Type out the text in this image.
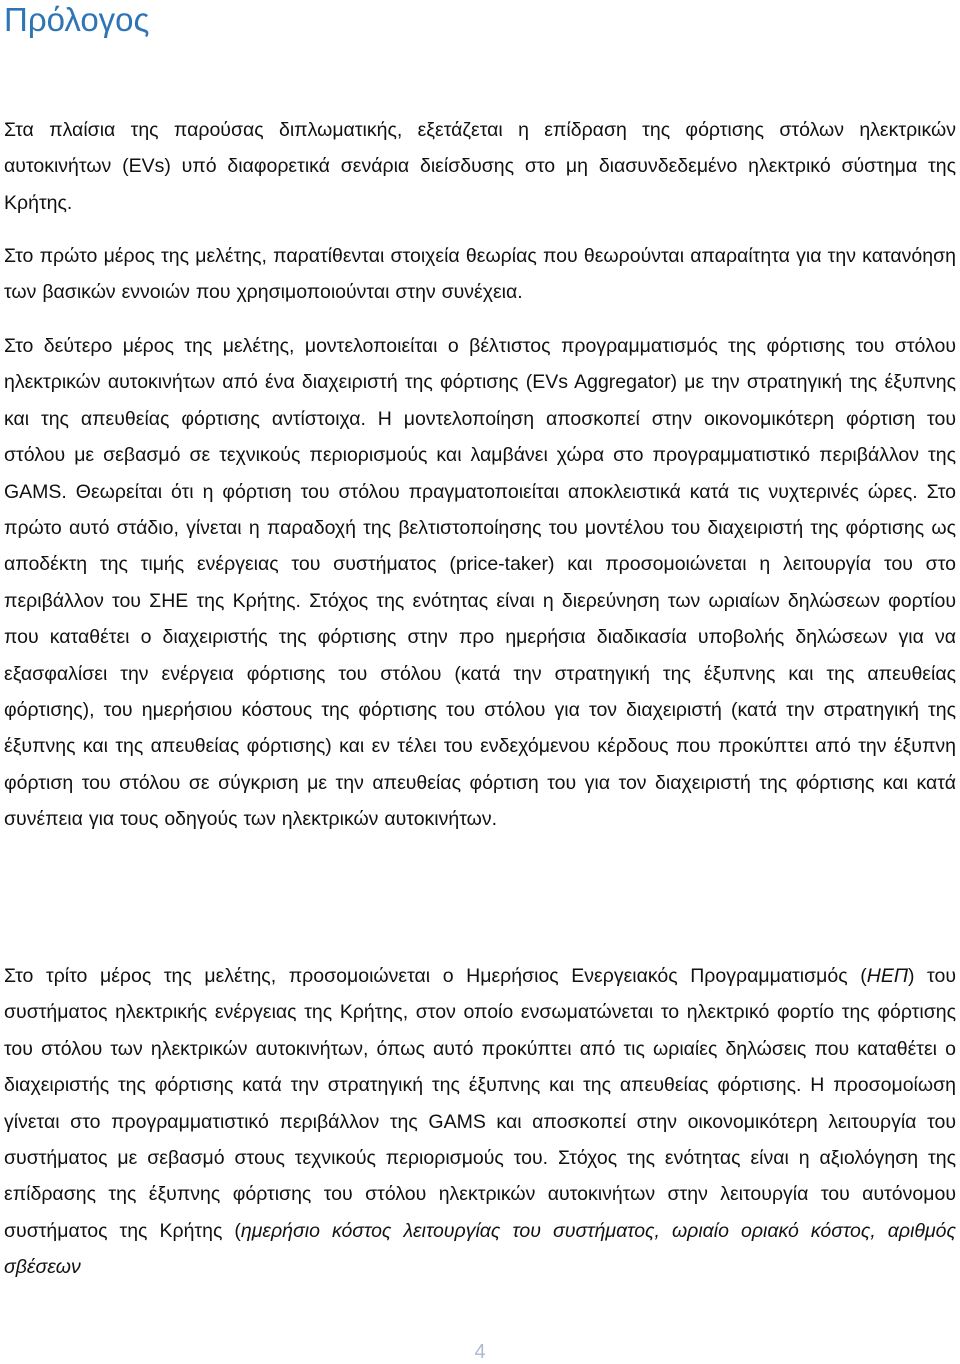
Πρόλογος

Στα πλαίσια της παρούσας διπλωματικής, εξετάζεται η επίδραση της φόρτισης στόλων ηλεκτρικών αυτοκινήτων (EVs) υπό διαφορετικά σενάρια διείσδυσης στο μη διασυνδεδεμένο ηλεκτρικό σύστημα της Κρήτης.

Στο πρώτο μέρος της μελέτης, παρατίθενται στοιχεία θεωρίας που θεωρούνται απαραίτητα για την κατανόηση των βασικών εννοιών που χρησιμοποιούνται στην συνέχεια.

Στο δεύτερο μέρος της μελέτης, μοντελοποιείται ο βέλτιστος προγραμματισμός της φόρτισης του στόλου ηλεκτρικών αυτοκινήτων από ένα διαχειριστή της φόρτισης (EVs Aggregator) με την στρατηγική της έξυπνης και της απευθείας φόρτισης αντίστοιχα. Η μοντελοποίηση αποσκοπεί στην οικονομικότερη φόρτιση του στόλου με σεβασμό σε τεχνικούς περιορισμούς και λαμβάνει χώρα στο προγραμματιστικό περιβάλλον της GAMS. Θεωρείται ότι η φόρτιση του στόλου πραγματοποιείται αποκλειστικά κατά τις νυχτερινές ώρες. Στο πρώτο αυτό στάδιο, γίνεται η παραδοχή της βελτιστοποίησης του μοντέλου του διαχειριστή της φόρτισης ως αποδέκτη της τιμής ενέργειας του συστήματος (price-taker) και προσομοιώνεται η λειτουργία του στο περιβάλλον του ΣΗΕ της Κρήτης. Στόχος της ενότητας είναι η διερεύνηση των ωριαίων δηλώσεων φορτίου που καταθέτει ο διαχειριστής της φόρτισης στην προ ημερήσια διαδικασία υποβολής δηλώσεων για να εξασφαλίσει την ενέργεια φόρτισης του στόλου (κατά την στρατηγική της έξυπνης και της απευθείας φόρτισης), του ημερήσιου κόστους της φόρτισης του στόλου για τον διαχειριστή (κατά την στρατηγική της έξυπνης και της απευθείας φόρτισης) και εν τέλει του ενδεχόμενου κέρδους που προκύπτει από την έξυπνη φόρτιση του στόλου σε σύγκριση με την απευθείας φόρτιση του για τον διαχειριστή της φόρτισης και κατά συνέπεια για τους οδηγούς των ηλεκτρικών αυτοκινήτων.

Στο τρίτο μέρος της μελέτης, προσομοιώνεται ο Ημερήσιος Ενεργειακός Προγραμματισμός (ΗΕΠ) του συστήματος ηλεκτρικής ενέργειας της Κρήτης, στον οποίο ενσωματώνεται το ηλεκτρικό φορτίο της φόρτισης του στόλου των ηλεκτρικών αυτοκινήτων, όπως αυτό προκύπτει από τις ωριαίες δηλώσεις που καταθέτει ο διαχειριστής της φόρτισης κατά την στρατηγική της έξυπνης και της απευθείας φόρτισης. Η προσομοίωση γίνεται στο προγραμματιστικό περιβάλλον της GAMS και αποσκοπεί στην οικονομικότερη λειτουργία του συστήματος με σεβασμό στους τεχνικούς περιορισμούς του. Στόχος της ενότητας είναι η αξιολόγηση της επίδρασης της έξυπνης φόρτισης του στόλου ηλεκτρικών αυτοκινήτων στην λειτουργία του αυτόνομου συστήματος της Κρήτης (ημερήσιο κόστος λειτουργίας του συστήματος, ωριαίο οριακό κόστος, αριθμός σβέσεων

4
